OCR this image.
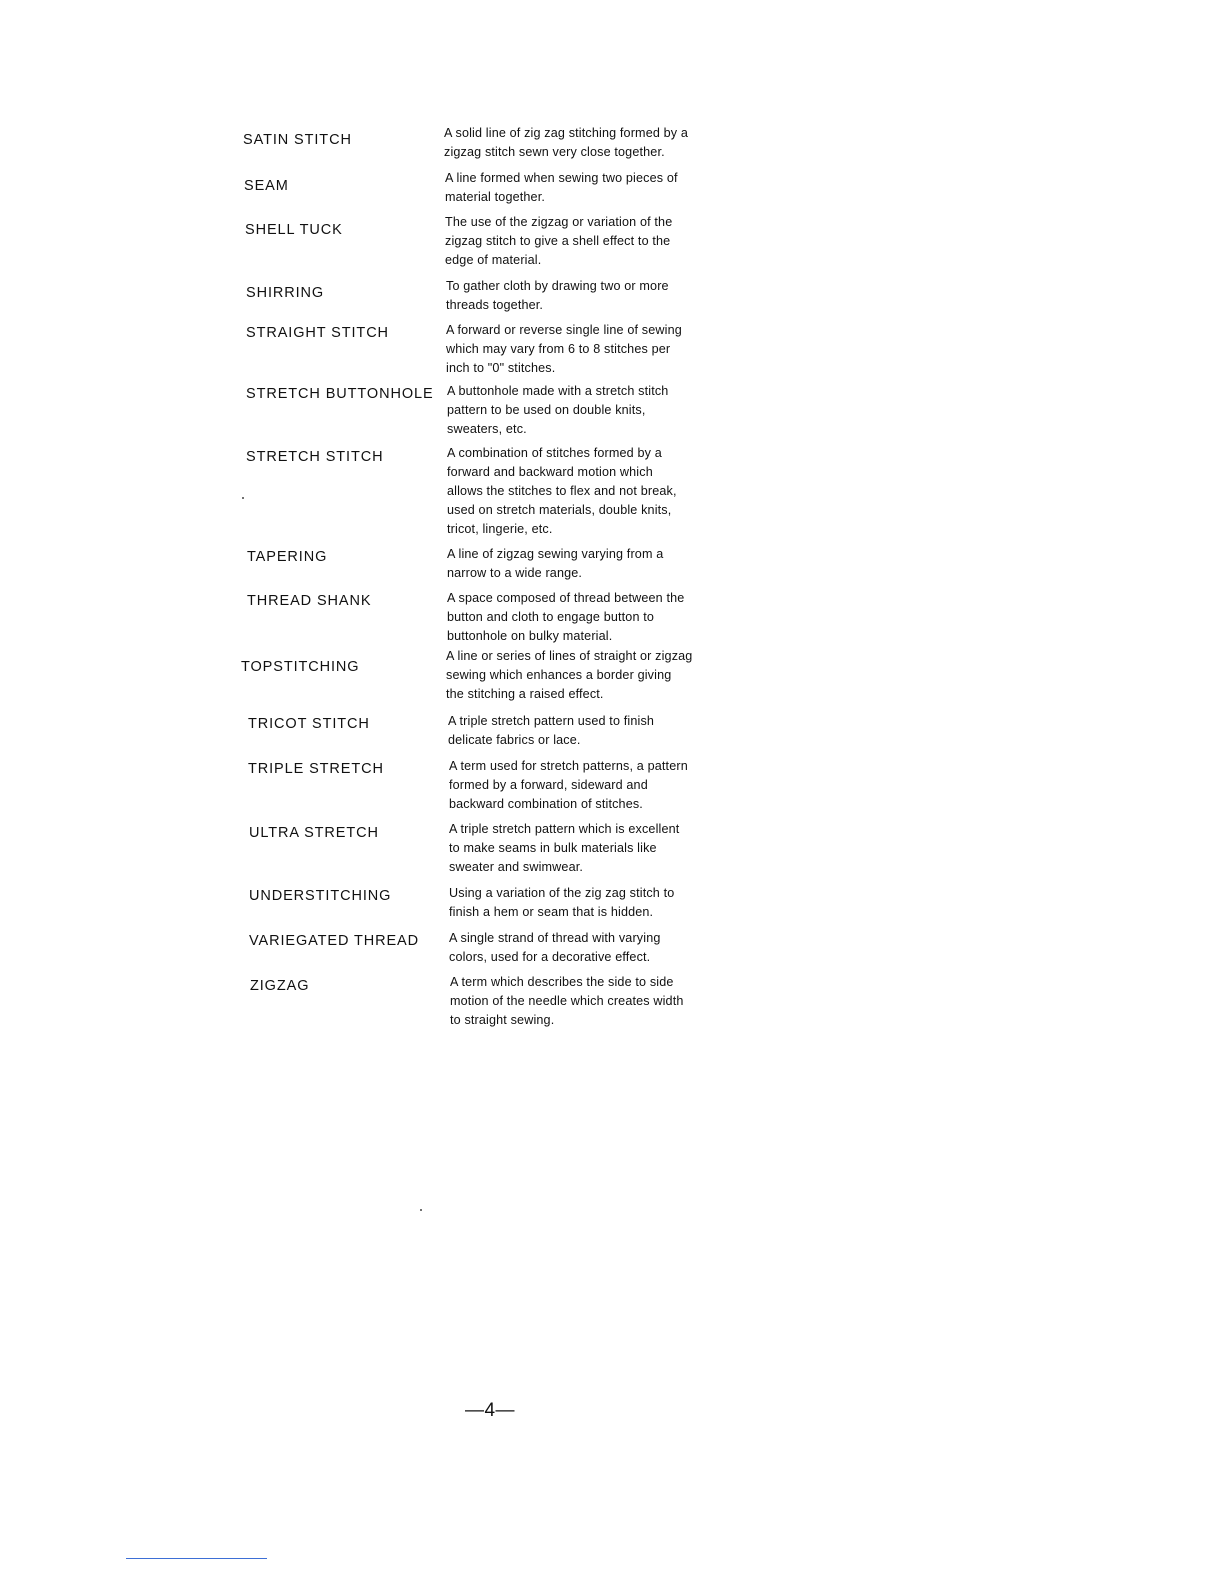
SATIN STITCH	A solid line of zig zag stitching formed by a
zigzag stitch sewn very close together.
SEAM	A line formed when sewing two pieces of
material together.
SHELL TUCK	The use of the zigzag or variation of the
zigzag stitch to give a shell effect to the
edge of material.
SHIRRING	To gather cloth by drawing two or more
threads together.
STRAIGHT STITCH	A forward or reverse single line of sewing
which may vary from 6 to 8 stitches per
inch to "0" stitches.
STRETCH BUTTONHOLE A buttonhole made with a stretch stitch
pattern to be used on double knits,
sweaters, etc.
STRETCH STITCH	A combination of stitches formed by a
forward and backward motion which
allows the stitches to flex and not break,
used on stretch materials, double knits,
tricot, lingerie, etc.
TAPERING	A line of zigzag sewing varying from a
narrow to a wide range.
THREAD SHANK	A space composed of thread between the
button and cloth to engage button to
buttonhole on bulky material.
TOPSTITCHING
A line or series of lines of straight or zigzag
sewing which enhances a border giving
the stitching a raised effect.
TRICOT STITCH	A triple stretch pattern used to finish
delicate fabrics or lace.
TRIPLE STRETCH	A term used for stretch patterns, a pattern
formed by a forward, sideward and
backward combination of stitches.
ULTRA STRETCH	A triple stretch pattern which is excellent
to make seams in bulk materials like
sweater and swimwear.
UNDERSTITCHING	Using a variation of the zig zag stitch to
finish a hem or seam that is hidden.
VARIEGATED THREAD A single strand of thread with varying
colors, used for a decorative effect.
ZIGZAG	A term which describes the side to side
motion of the needle which creates width
to straight sewing.
—4—
